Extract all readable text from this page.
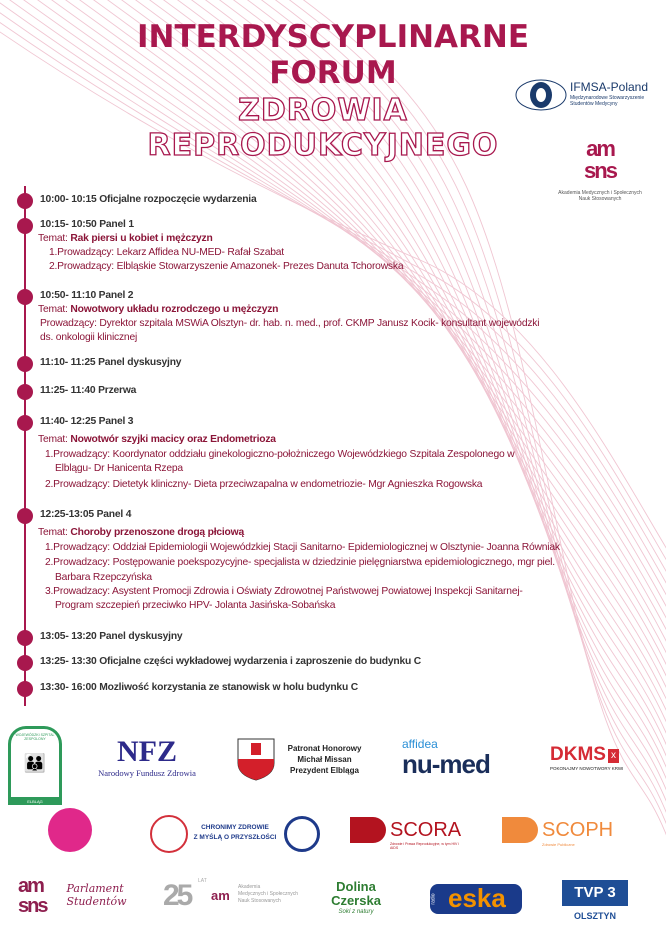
INTERDYSCYPLINARNE
FORUM
ZDROWIA
REPRODUKCYJNEGO
IFMSA-Poland
Międzynarodowe Stowarzyszenie
Studentów Medycyny
am
sns
Akademia Medycznych i Społecznych
Nauk Stosowanych
10:00- 10:15 Oficjalne rozpoczęcie wydarzenia
10:15- 10:50 Panel 1
Temat: Rak piersi u kobiet i mężczyzn
1.Prowadzący: Lekarz Affidea NU-MED- Rafał Szabat
2.Prowadzący: Elbląskie Stowarzyszenie Amazonek- Prezes Danuta Tchorowska
10:50- 11:10 Panel 2
Temat: Nowotwory układu rozrodczego u mężczyzn
Prowadzący: Dyrektor szpitala MSWiA Olsztyn- dr. hab. n. med., prof. CKMP Janusz Kocik- konsultant wojewódzki
ds. onkologii klinicznej
11:10- 11:25 Panel dyskusyjny
11:25- 11:40 Przerwa
11:40- 12:25 Panel 3
Temat: Nowotwór szyjki macicy oraz Endometrioza
1.Prowadzący: Koordynator oddziału ginekologiczno-położniczego Wojewódzkiego Szpitala Zespolonego w
Elblągu- Dr Hanicenta Rzepa
2.Prowadzący: Dietetyk kliniczny- Dieta przeciwzapalna w endometriozie- Mgr Agnieszka Rogowska
12:25-13:05 Panel 4
Temat: Choroby przenoszone drogą płciową
1.Prowadzący: Oddział Epidemiologii Wojewódzkiej Stacji Sanitarno- Epidemiologicznej w Olsztynie- Joanna Równiak
2.Prowadzacy: Postępowanie poekspozycyjne- specjalista w dziedzinie pielęgniarstwa epidemiologicznego, mgr piel.
Barbara Rzepczyńska
3.Prowadzacy: Asystent Promocji Zdrowia i Oświaty Zdrowotnej Państwowej Powiatowej Inspekcji Sanitarnej-
Program szczepień przeciwko HPV- Jolanta Jasińska-Sobańska
13:05- 13:20 Panel dyskusyjny
13:25- 13:30 Oficjalne części wykładowej wydarzenia i zaproszenie do budynku C
13:30- 16:00 Mozliwość korzystania ze stanowisk w holu budynku C
WOJEWÓDZKI SZPITAL ZESPOLONY
👪
ELBLĄG
NFZ
Narodowy Fundusz Zdrowia
Patronat Honorowy
Michał Missan
Prezydent Elbląga
affidea
nu-med	DKMS x
POKONAJMY NOWOTWORY KRWI
CHRONIMY ZDROWIE
Z MYŚLĄ O PRZYSZŁOŚCI	SCORA
Zdrowie i Prawa Reprodukcyjne, w tym HIV i AIDS
SCOPH
Zdrowie Publiczne
am
sns Parlament
Studentów 25 LAT
am
Akademia
Medycznych i Społecznych
Nauk Stosowanych
Dolina
Czerska
Sokí z natury
radio eska	TVP 3
OLSZTYN
